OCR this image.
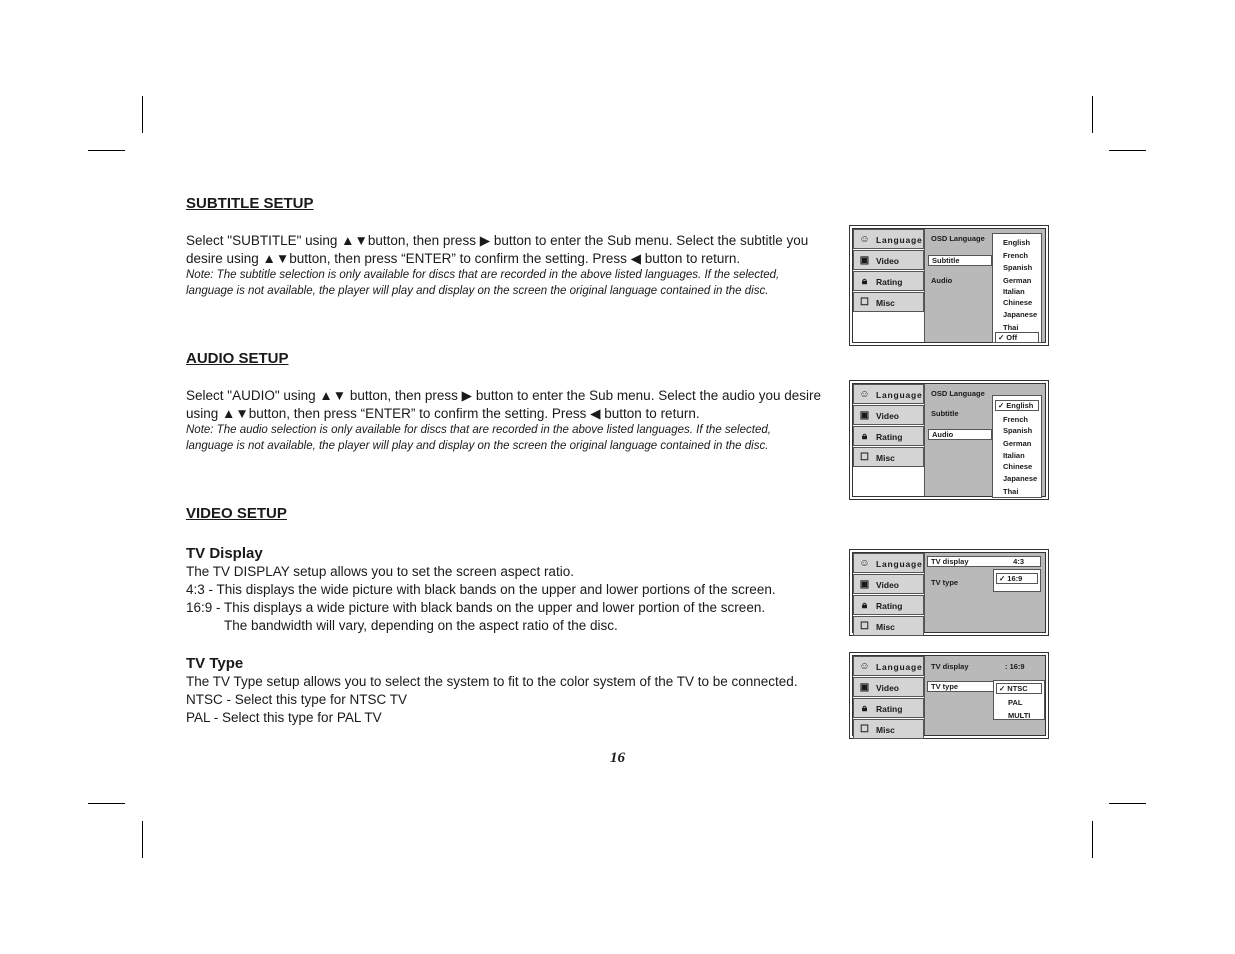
SUBTITLE SETUP
Select "SUBTITLE" using ▲▼button, then press ▶ button to enter the Sub menu. Select the subtitle you
desire using ▲▼button, then press “ENTER” to confirm the setting. Press ◀ button to return.
Note: The subtitle selection is only available for discs that are recorded in the above listed languages. If the selected,
language is not available, the player will play and display on the screen the original language contained in the disc.
AUDIO SETUP
Select "AUDIO" using ▲▼ button, then press ▶ button to enter the Sub menu. Select the audio you desire
using ▲▼button, then press “ENTER” to confirm the setting. Press ◀ button to return.
Note: The audio selection is only available for discs that are recorded in the above listed languages. If the selected,
language is not available, the player will play and display on the screen the original language contained in the disc.
VIDEO SETUP
TV Display
The TV DISPLAY setup allows you to set the screen aspect ratio.
4:3 - This displays the wide picture with black bands on the upper and lower portions of the screen.
16:9 - This displays a wide picture with black bands on the upper and lower portion of the screen.
The bandwidth will vary, depending on the aspect ratio of the disc.
TV Type
The TV Type setup allows you to select the system to fit to the color system of the TV to be connected.
NTSC - Select this type for NTSC TV
PAL - Select this type for PAL TV
☺ Language
▣ Video
🔒︎	Rating
☐ Misc
OSD Language
Subtitle
Audio
English
French
Spanish
German
Italian
Chinese
Japanese
Thai
✓ Off
☺ Language
▣ Video
🔒︎	Rating
☐ Misc
OSD Language
Subtitle
Audio
✓ English
French
Spanish
German
Italian
Chinese
Japanese
Thai
☺ Language
▣ Video
🔒︎	Rating
☐ Misc
TV display	4:3
TV type	✓ 16:9
☺ Language
▣ Video
🔒︎	Rating
☐ Misc
TV display	: 16:9
TV type	✓ NTSC
PAL
MULTI
16
